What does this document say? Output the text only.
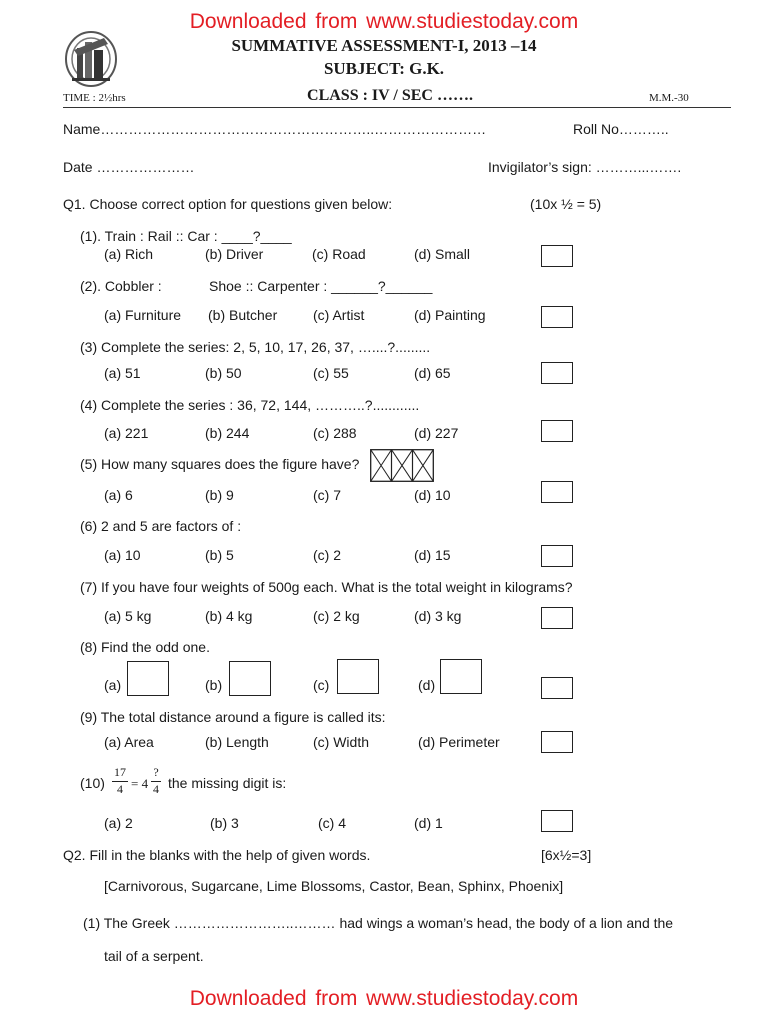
Downloaded from www.studiestoday.com
SUMMATIVE ASSESSMENT-I, 2013 –14
SUBJECT: G.K.
TIME : 2½hrs	CLASS : IV / SEC …….	M.M.-30
Name…………………………………………………..……………………	Roll No………..
Date …………………	Invigilator’s sign: ………...…….
Q1. Choose correct option for questions given below:	(10x ½ = 5)
(1). Train : Rail :: Car : ____?____
(a) Rich	(b) Driver	(c) Road	(d) Small
(2). Cobbler :	Shoe :: Carpenter : ______?______
(a) Furniture (b) Butcher	(c) Artist	(d) Painting
(3) Complete the series: 2, 5, 10, 17, 26, 37, …....?.........
(a) 51	(b) 50	(c) 55	(d) 65
(4) Complete the series : 36, 72, 144, ………..?............
(a) 221	(b) 244	(c) 288	(d) 227
(5) How many squares does the figure have?
(a) 6	(b) 9	(c) 7	(d) 10
(6) 2 and 5 are factors of :
(a) 10	(b) 5	(c) 2	(d) 15
(7) If you have four weights of 500g each. What is the total weight in kilograms?
(a) 5 kg	(b) 4 kg	(c) 2 kg	(d) 3 kg
(8) Find the odd one.
(a)	(b)	(c)	(d)
(9) The total distance around a figure is called its:
(a) Area	(b) Length	(c) Width	(d) Perimeter
$(10) \frac{17}{4} = 4$
?
4 the missing digit is:
(a) 2	(b) 3	(c) 4	(d) 1
Q2. Fill in the blanks with the help of given words.	[6x½=3]
[Carnivorous, Sugarcane, Lime Blossoms, Castor, Bean, Sphinx, Phoenix]
(1) The Greek ……………………..……… had wings a woman’s head, the body of a lion and the
tail of a serpent.
Downloaded from www.studiestoday.com
